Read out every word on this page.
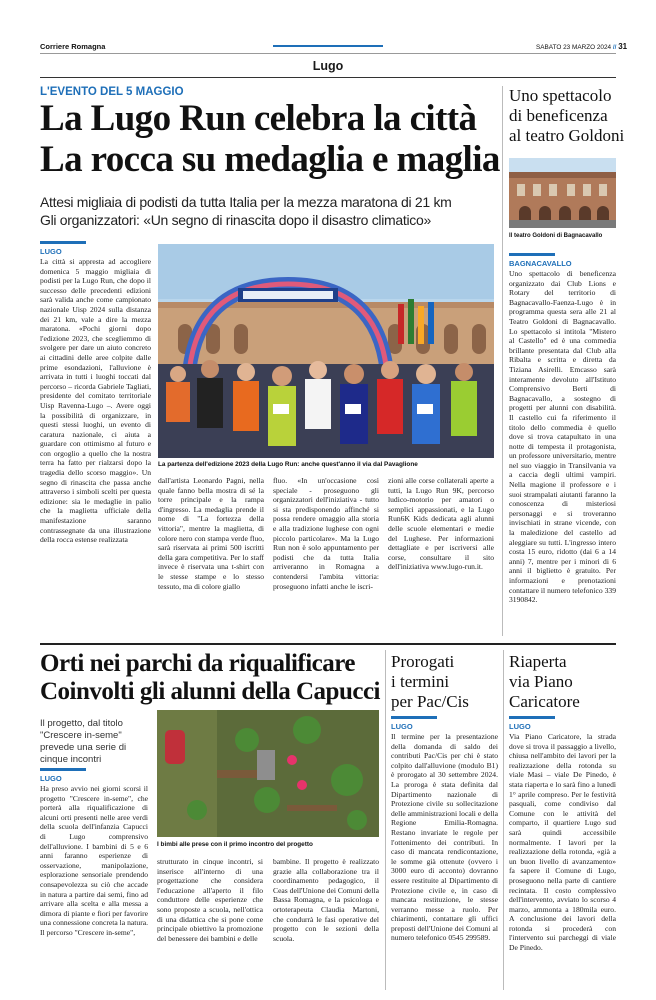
Corriere Romagna	SABATO 23 MARZO 2024 // 31
Lugo
L'EVENTO DEL 5 MAGGIO
La Lugo Run celebra la città
La rocca su medaglia e maglia
Attesi migliaia di podisti da tutta Italia per la mezza maratona di 21 km
Gli organizzatori: «Un segno di rinascita dopo il disastro climatico»
LUGO

La città si appresta ad accogliere domenica 5 maggio migliaia di podisti per la Lugo Run, che dopo il successo delle precedenti edizioni sarà valida anche come campionato nazionale Uisp 2024 sulla distanza dei 21 km, vale a dire la mezza maratona. «Pochi giorni dopo l'edizione 2023, che scegliemmo di svolgere per dare un aiuto concreto ai cittadini delle aree colpite dalle prime esondazioni, l'alluvione è arrivata in tutti i luoghi toccati dal percorso – ricorda Gabriele Tagliati, presidente del comitato territoriale Uisp Ravenna-Lugo –. Avere oggi la possibilità di organizzare, in questi stessi luoghi, un evento di caratura nazionale, ci aiuta a guardare con ottimismo al futuro e con orgoglio a quello che la nostra terra ha fatto per rialzarsi dopo la tragedia dello scorso maggio». Un segno di rinascita che passa anche attraverso i simboli scelti per questa edizione: sia le medaglie in palio che la maglietta ufficiale della manifestazione saranno contrassegnate da una illustrazione della rocca estense realizzata

La partenza dell'edizione 2023 della Lugo Run: anche quest'anno il via dal Pavaglione
dall'artista Leonardo Pagni, nella quale fanno bella mostra di sé la torre principale e la rampa d'ingresso. La medaglia prende il nome di "La fortezza della vittoria", mentre la maglietta, di colore nero con stampa verde fluo, sarà riservata ai primi 500 iscritti della gara competitiva. Per lo staff invece è riservata una t-shirt con le stesse stampe e lo stesso tessuto, ma di colore giallo
fluo. «In un'occasione così speciale - proseguono gli organizzatori dell'iniziativa - tutto si sta predisponendo affinché si possa rendere omaggio alla storia e alla tradizione lughese con ogni piccolo particolare». Ma la Lugo Run non è solo appuntamento per podisti che da tutta Italia arriveranno in Romagna a contendersi l'ambita vittoria: proseguono infatti anche le iscri-
zioni alle corse collaterali aperte a tutti, la Lugo Run 9K, percorso ludico-motorio per amatori o semplici appassionati, e la Lugo Run6K Kids dedicata agli alunni delle scuole elementari e medie del Lughese. Per informazioni dettagliate e per iscriversi alle corse, consultare il sito dell'iniziativa www.lugo-run.it.
Uno spettacolo
di beneficenza
al teatro Goldoni
Il teatro Goldoni di Bagnacavallo
BAGNACAVALLO

Uno spettacolo di beneficenza organizzato dai Club Lions e Rotary del territorio di Bagnacavallo-Faenza-Lugo è in programma questa sera alle 21 al Teatro Goldoni di Bagnacavallo. Lo spettacolo si intitola "Mistero al Castello" ed è una commedia brillante presentata dal Club alla Ribalta e scritta e diretta da Tiziana Asirelli. Emcasso sarà interamente devoluto all'Istituto Comprensivo Berti di Bagnacavallo, a sostegno di progetti per alunni con disabilità. Il castello cui fa riferimento il titolo dello commedia è quello dove si trova catapultato in una notte di tempesta il protagonista, un professore universitario, mentre nel suo viaggio in Transilvania va a caccia degli ultimi vampiri. Nella magione il professore e i suoi strampalati aiutanti faranno la conoscenza di misteriosi personaggi e si troveranno invischiati in strane vicende, con la maledizione del castello ad aleggiare su tutti. L'ingresso intero costa 15 euro, ridotto (dai 6 a 14 anni) 7, mentre per i minori di 6 anni il biglietto è gratuito. Per informazioni e prenotazioni contattare il numero telefonico 339 3190842.

Orti nei parchi da riqualificare
Coinvolti gli alunni della Capucci
Il progetto, dal titolo "Crescere in-seme" prevede una serie di cinque incontri
LUGO

Ha preso avvio nei giorni scorsi il progetto "Crescere in-seme", che porterà alla riqualificazione di alcuni orti presenti nelle aree verdi della scuola dell'infanzia Capucci di Lugo comprensivo dell'alluvione. I bambini di 5 e 6 anni faranno esperienze di osservazione, manipolazione, esplorazione sensoriale prendendo consapevolezza su ciò che accade in natura a partire dai semi, fino ad arrivare alla scelta e alla messa a dimora di piante e fiori per favorire una connessione concreta la natura. Il percorso "Crescere in-seme",

I bimbi alle prese con il primo incontro del progetto
strutturato in cinque incontri, si inserisce all'interno di una progettazione che considera l'educazione all'aperto il filo conduttore delle esperienze che sono proposte a scuola, nell'ottica di una didattica che si pone come principale obiettivo la promozione del benessere dei bambini e delle
bambine. Il progetto è realizzato grazie alla collaborazione tra il coordinamento pedagogico, il Ceas dell'Unione dei Comuni della Bassa Romagna, e la psicologa e ortoterapeuta Claudia Martoni, che condurrà le fasi operative del progetto con le sezioni della scuola.
Prorogati
i termini
per Pac/Cis
LUGO

Il termine per la presentazione della domanda di saldo dei contributi Pac/Cis per chi è stato colpito dall'alluvione (modulo B1) è prorogato al 30 settembre 2024. La proroga è stata definita dal Dipartimento nazionale di Protezione civile su sollecitazione delle amministrazioni locali e della Regione Emilia-Romagna. Restano invariate le regole per l'ottenimento dei contributi. In caso di mancata rendicontazione, le somme già ottenute (ovvero i 3000 euro di acconto) dovranno essere restituite al Dipartimento di Protezione civile e, in caso di mancata restituzione, le stesse verranno messe a ruolo. Per chiarimenti, contattare gli uffici preposti dell'Unione dei Comuni al numero telefonico 0545 299589.

Riaperta
via Piano
Caricatore
LUGO

Via Piano Caricatore, la strada dove si trova il passaggio a livello, chiusa nell'ambito dei lavori per la realizzazione della rotonda su viale Masi – viale De Pinedo, è stata riaperta e lo sarà fino a lunedì 1° aprile compreso. Per le festività pasquali, come condiviso dal Comune con le attività del comparto, il quartiere Lugo sud sarà quindi accessibile normalmente. I lavori per la realizzazione della rotonda, «già a un buon livello di avanzamento» fa sapere il Comune di Lugo, proseguono nella parte di cantiere recintata. Il costo complessivo dell'intervento, avviato lo scorso 4 marzo, ammonta a 180mila euro. A conclusione dei lavori della rotonda si procederà con l'intervento sui parcheggi di viale De Pinedo.
